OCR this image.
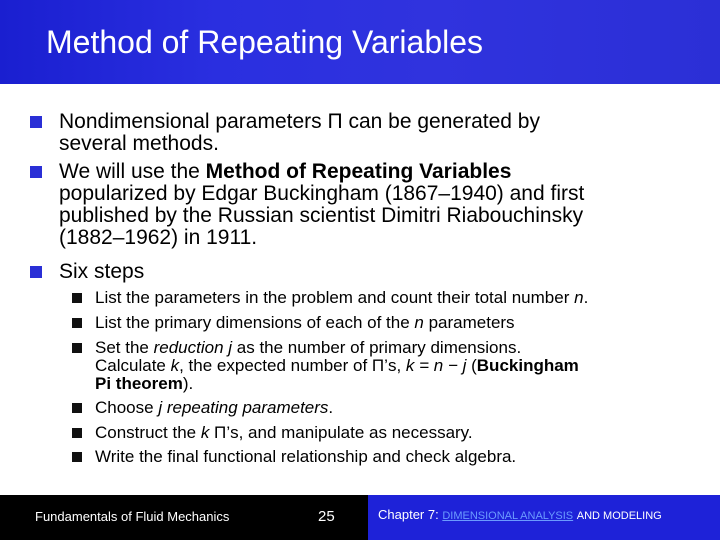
Method of Repeating Variables
Nondimensional parameters Π can be generated by
several methods.
We will use the Method of Repeating Variables
popularized by Edgar Buckingham (1867–1940) and first
published by the Russian scientist Dimitri Riabouchinsky
(1882–1962) in 1911.
Six steps
List the parameters in the problem and count their total number n.
List the primary dimensions of each of the n parameters
Set the reduction j as the number of primary dimensions.
Calculate k, the expected number of Π’s, k = n − j (Buckingham
Pi theorem).
Choose j repeating parameters.
Construct the k Π’s, and manipulate as necessary.
Write the final functional relationship and check algebra.
Fundamentals of Fluid Mechanics	25	Chapter 7: DIMENSIONAL ANALYSIS AND MODELING
